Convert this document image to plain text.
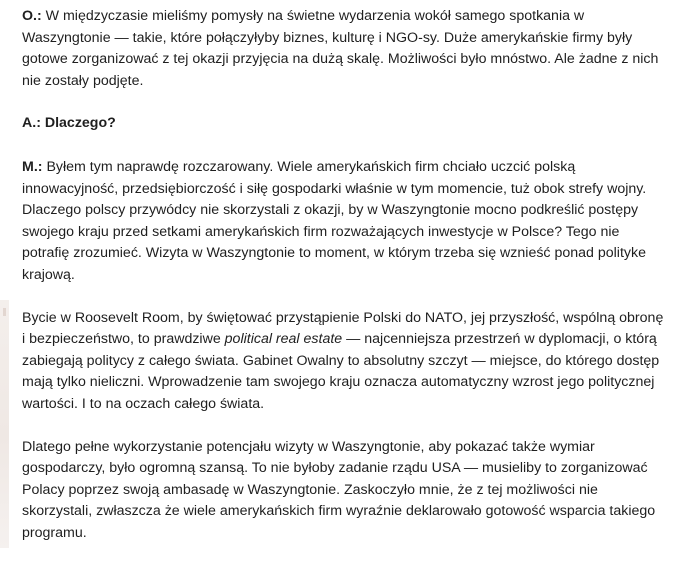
O.: W międzyczasie mieliśmy pomysły na świetne wydarzenia wokół samego spotkania w Waszyngtonie — takie, które połączyłyby biznes, kulturę i NGO-sy. Duże amerykańskie firmy były gotowe zorganizować z tej okazji przyjęcia na dużą skalę. Możliwości było mnóstwo. Ale żadne z nich nie zostały podjęte.

A.: Dlaczego?

M.: Byłem tym naprawdę rozczarowany. Wiele amerykańskich firm chciało uczcić polską innowacyjność, przedsiębiorczość i siłę gospodarki właśnie w tym momencie, tuż obok strefy wojny. Dlaczego polscy przywódcy nie skorzystali z okazji, by w Waszyngtonie mocno podkreślić postępy swojego kraju przed setkami amerykańskich firm rozważających inwestycje w Polsce? Tego nie potrafię zrozumieć. Wizyta w Waszyngtonie to moment, w którym trzeba się wznieść ponad polityke krajową.

Bycie w Roosevelt Room, by świętować przystąpienie Polski do NATO, jej przyszłość, wspólną obronę i bezpieczeństwo, to prawdziwe political real estate — najcenniejsza przestrzeń w dyplomacji, o którą zabiegają politycy z całego świata. Gabinet Owalny to absolutny szczyt — miejsce, do którego dostęp mają tylko nieliczni. Wprowadzenie tam swojego kraju oznacza automatyczny wzrost jego politycznej wartości. I to na oczach całego świata.

Dlatego pełne wykorzystanie potencjału wizyty w Waszyngtonie, aby pokazać także wymiar gospodarczy, było ogromną szansą. To nie byłoby zadanie rządu USA — musieliby to zorganizować Polacy poprzez swoją ambasadę w Waszyngtonie. Zaskoczyło mnie, że z tej możliwości nie skorzystali, zwłaszcza że wiele amerykańskich firm wyraźnie deklarowało gotowość wsparcia takiego programu.
